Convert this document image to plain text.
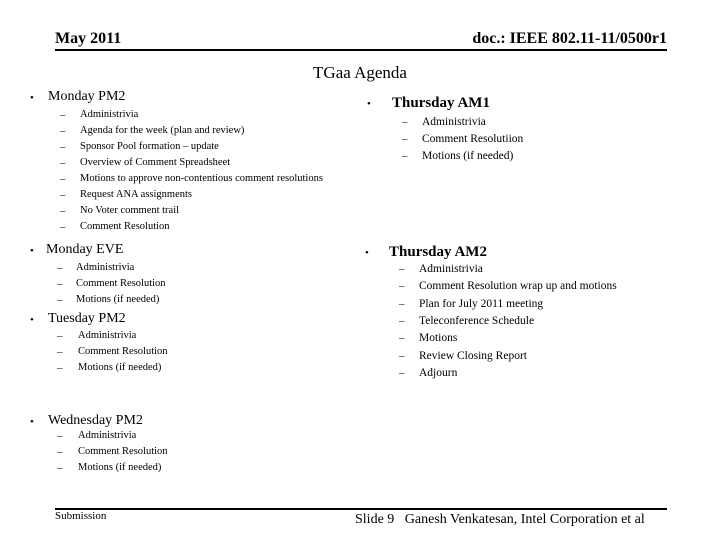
May 2011	doc.: IEEE 802.11-11/0500r1
TGaa Agenda
• Monday PM2
– Administrivia
– Agenda for the week (plan and review)
– Sponsor Pool formation – update
– Overview of Comment Spreadsheet
– Motions to approve non-contentious comment resolutions
– Request ANA assignments
– No Voter comment trail
– Comment Resolution
• Monday EVE
– Administrivia
– Comment Resolution
– Motions (if needed)
• Tuesday PM2
– Administrivia
– Comment Resolution
– Motions (if needed)
• Wednesday PM2
– Administrivia
– Comment Resolution
– Motions (if needed)
• Thursday AM1
– Administrivia
– Comment Resolutiion
– Motions (if needed)
• Thursday AM2
– Administrivia
– Comment Resolution wrap up and motions
– Plan for July 2011 meeting
– Teleconference Schedule
– Motions
– Review Closing Report
– Adjourn
Submission	Slide 9   Ganesh Venkatesan, Intel Corporation et al
